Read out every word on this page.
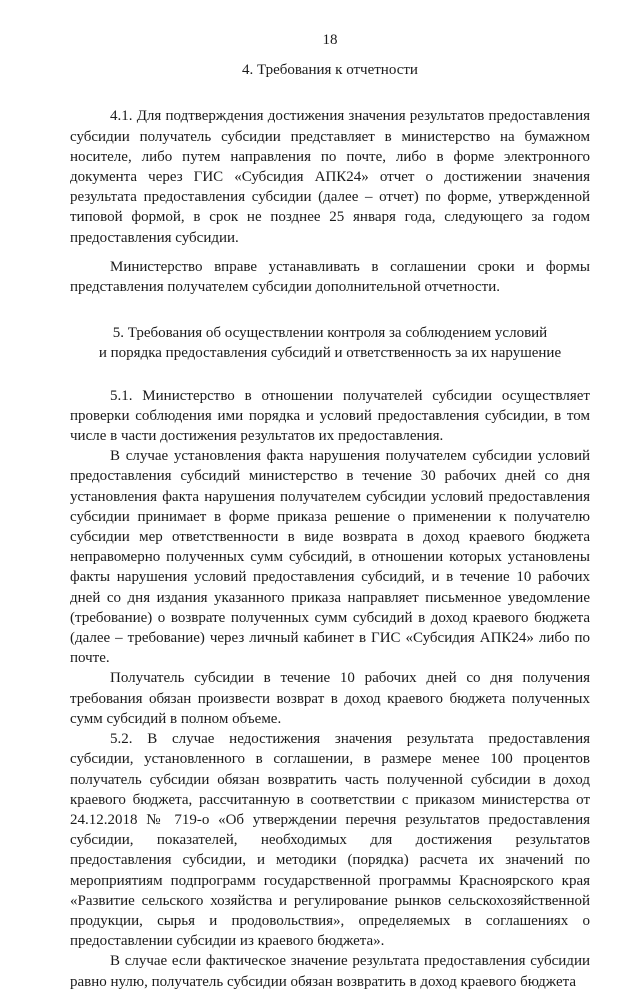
18
4. Требования к отчетности

4.1. Для подтверждения достижения значения результатов предоставления субсидии получатель субсидии представляет в министерство на бумажном носителе, либо путем направления по почте, либо в форме электронного документа через ГИС «Субсидия АПК24» отчет о достижении значения результата предоставления субсидии (далее – отчет) по форме, утвержденной типовой формой, в срок не позднее 25 января года, следующего за годом предоставления субсидии.

Министерство вправе устанавливать в соглашении сроки и формы представления получателем субсидии дополнительной отчетности.

5. Требования об осуществлении контроля за соблюдением условий
и порядка предоставления субсидий и ответственность за их нарушение

5.1. Министерство в отношении получателей субсидии осуществляет проверки соблюдения ими порядка и условий предоставления субсидии, в том числе в части достижения результатов их предоставления.

В случае установления факта нарушения получателем субсидии условий предоставления субсидий министерство в течение 30 рабочих дней со дня установления факта нарушения получателем субсидии условий предоставления субсидии принимает в форме приказа решение о применении к получателю субсидии мер ответственности в виде возврата в доход краевого бюджета неправомерно полученных сумм субсидий, в отношении которых установлены факты нарушения условий предоставления субсидий, и в течение 10 рабочих дней со дня издания указанного приказа направляет письменное уведомление (требование) о возврате полученных сумм субсидий в доход краевого бюджета (далее – требование) через личный кабинет в ГИС «Субсидия АПК24» либо по почте.

Получатель субсидии в течение 10 рабочих дней со дня получения требования обязан произвести возврат в доход краевого бюджета полученных сумм субсидий в полном объеме.

5.2. В случае недостижения значения результата предоставления субсидии, установленного в соглашении, в размере менее 100 процентов получатель субсидии обязан возвратить часть полученной субсидии в доход краевого бюджета, рассчитанную в соответствии с приказом министерства от 24.12.2018 № 719-о «Об утверждении перечня результатов предоставления субсидии, показателей, необходимых для достижения результатов предоставления субсидии, и методики (порядка) расчета их значений по мероприятиям подпрограмм государственной программы Красноярского края «Развитие сельского хозяйства и регулирование рынков сельскохозяйственной продукции, сырья и продовольствия», определяемых в соглашениях о предоставлении субсидии из краевого бюджета».

В случае если фактическое значение результата предоставления субсидии равно нулю, получатель субсидии обязан возвратить в доход краевого бюджета
